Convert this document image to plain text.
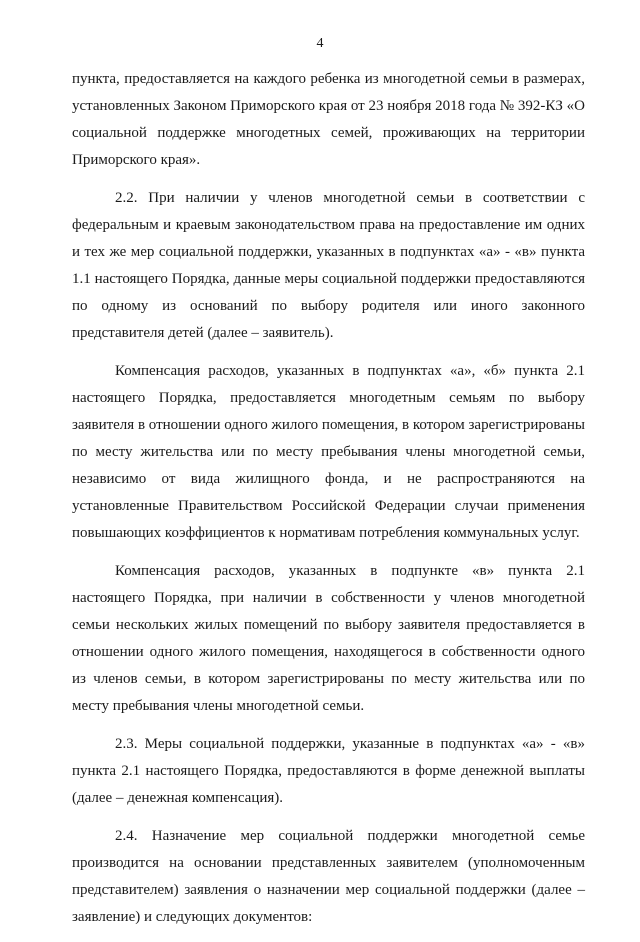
4

пункта, предоставляется на каждого ребенка из многодетной семьи в размерах, установленных Законом Приморского края от 23 ноября 2018 года № 392-КЗ «О социальной поддержке многодетных семей, проживающих на территории Приморского края».

2.2. При наличии у членов многодетной семьи в соответствии с федеральным и краевым законодательством права на предоставление им одних и тех же мер социальной поддержки, указанных в подпунктах «а» - «в» пункта 1.1 настоящего Порядка, данные меры социальной поддержки предоставляются по одному из оснований по выбору родителя или иного законного представителя детей (далее – заявитель).

Компенсация расходов, указанных в подпунктах «а», «б» пункта 2.1 настоящего Порядка, предоставляется многодетным семьям по выбору заявителя в отношении одного жилого помещения, в котором зарегистрированы по месту жительства или по месту пребывания члены многодетной семьи, независимо от вида жилищного фонда, и не распространяются на установленные Правительством Российской Федерации случаи применения повышающих коэффициентов к нормативам потребления коммунальных услуг.

Компенсация расходов, указанных в подпункте «в» пункта 2.1 настоящего Порядка, при наличии в собственности у членов многодетной семьи нескольких жилых помещений по выбору заявителя предоставляется в отношении одного жилого помещения, находящегося в собственности одного из членов семьи, в котором зарегистрированы по месту жительства или по месту пребывания члены многодетной семьи.

2.3. Меры социальной поддержки, указанные в подпунктах «а» - «в» пункта 2.1 настоящего Порядка, предоставляются в форме денежной выплаты (далее – денежная компенсация).

2.4. Назначение мер социальной поддержки многодетной семье производится на основании представленных заявителем (уполномоченным представителем) заявления о назначении мер социальной поддержки (далее – заявление) и следующих документов:
